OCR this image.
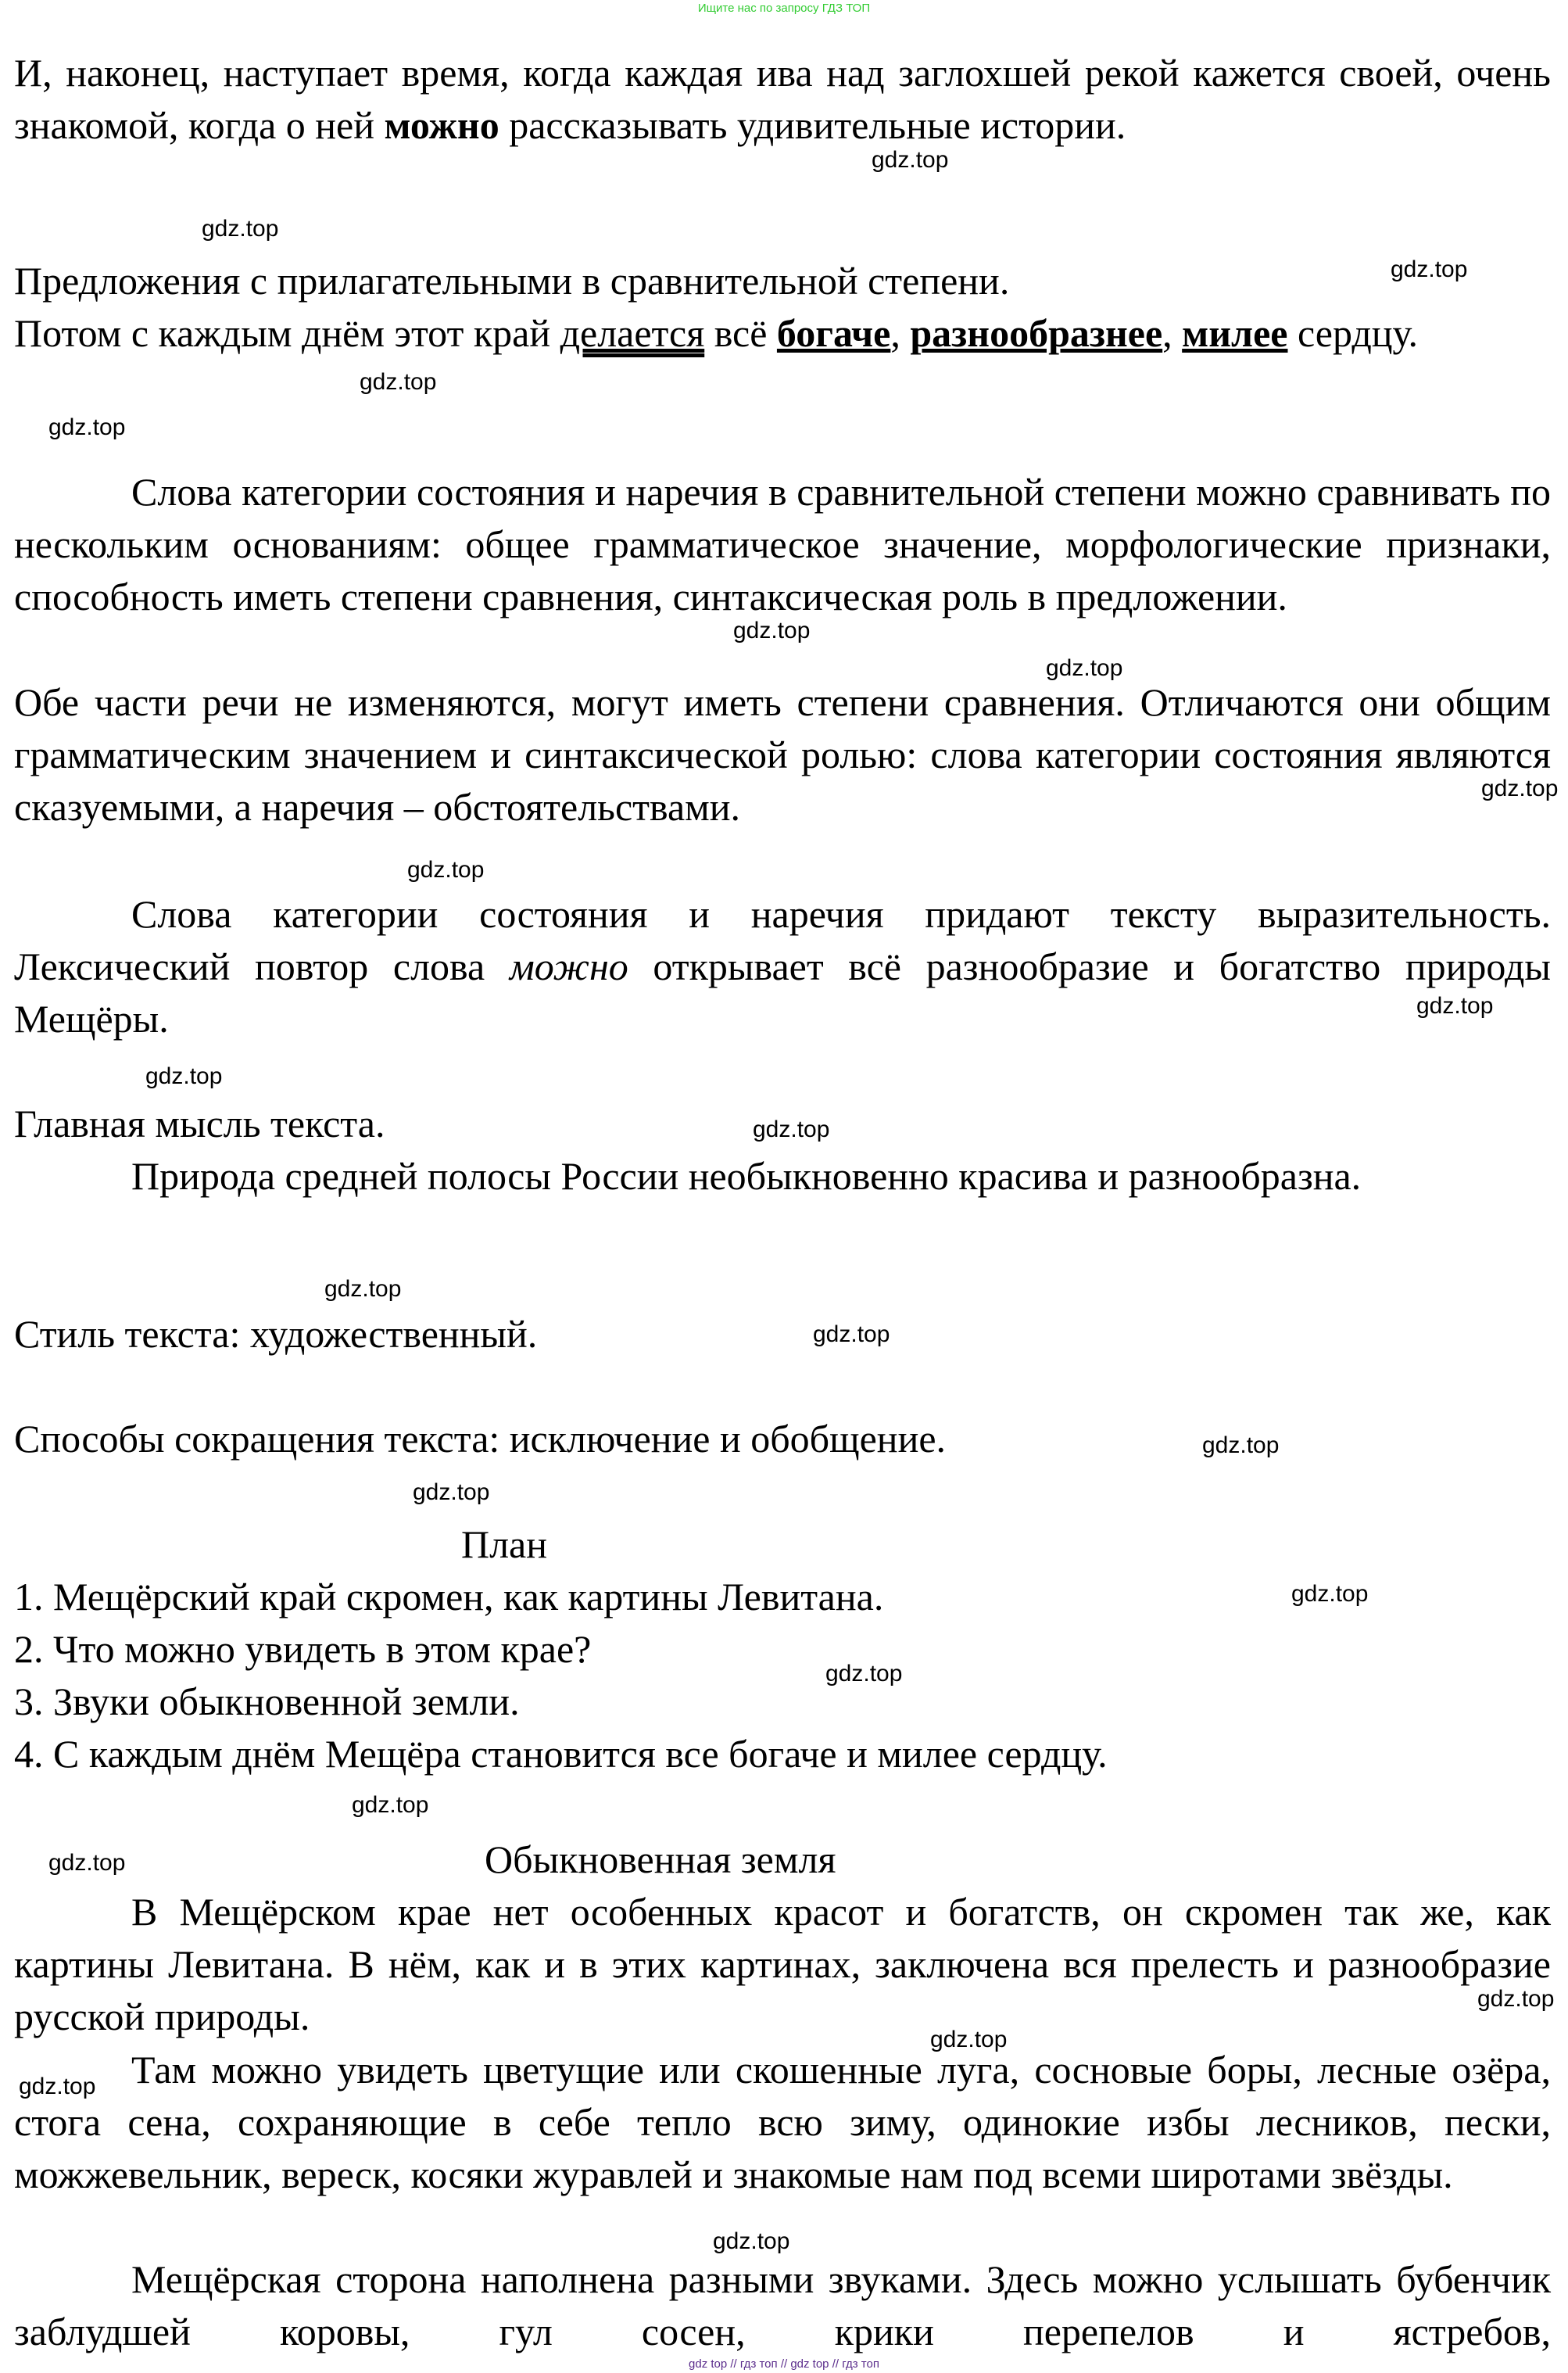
Ищите нас по запросу ГДЗ ТОП

И, наконец, наступает время, когда каждая ива над заглохшей рекой кажется своей, очень знакомой, когда о ней можно рассказывать удивительные истории.

Предложения с прилагательными в сравнительной степени.

Потом с каждым днём этот край делается всё богаче, разнообразнее, милее сердцу.

Слова категории состояния и наречия в сравнительной степени можно сравнивать по нескольким основаниям: общее грамматическое значение, морфологические признаки, способность иметь степени сравнения, синтаксическая роль в предложении.

Обе части речи не изменяются, могут иметь степени сравнения. Отличаются они общим грамматическим значением и синтаксической ролью: слова категории состояния являются сказуемыми, а наречия – обстоятельствами.

Слова категории состояния и наречия придают тексту выразительность. Лексический повтор слова можно открывает всё разнообразие и богатство природы Мещёры.

Главная мысль текста.

Природа средней полосы России необыкновенно красива и разнообразна.

Стиль текста: художественный.

Способы сокращения текста: исключение и обобщение.

План

1. Мещёрский край скромен, как картины Левитана.
2. Что можно увидеть в этом крае?
3. Звуки обыкновенной земли.
4. С каждым днём Мещёра становится все богаче и милее сердцу.

Обыкновенная земля

В Мещёрском крае нет особенных красот и богатств, он скромен так же, как картины Левитана. В нём, как и в этих картинах, заключена вся прелесть и разнообразие русской природы.

Там можно увидеть цветущие или скошенные луга, сосновые боры, лесные озёра, стога сена, сохраняющие в себе тепло всю зиму, одинокие избы лесников, пески, можжевельник, вереск, косяки журавлей и знакомые нам под всеми широтами звёзды.

Мещёрская сторона наполнена разными звуками. Здесь можно услышать бубенчик заблудшей коровы, гул сосен, крики перепелов и ястребов,

gdz.top
gdz.top
gdz.top
gdz.top
gdz.top
gdz.top
gdz.top
gdz.top
gdz.top
gdz.top
gdz.top
gdz.top
gdz.top
gdz.top
gdz.top
gdz.top
gdz.top
gdz.top
gdz.top
gdz.top
gdz.top
gdz.top
gdz.top
gdz.top
gdz top // гдз топ // gdz top // гдз топ
